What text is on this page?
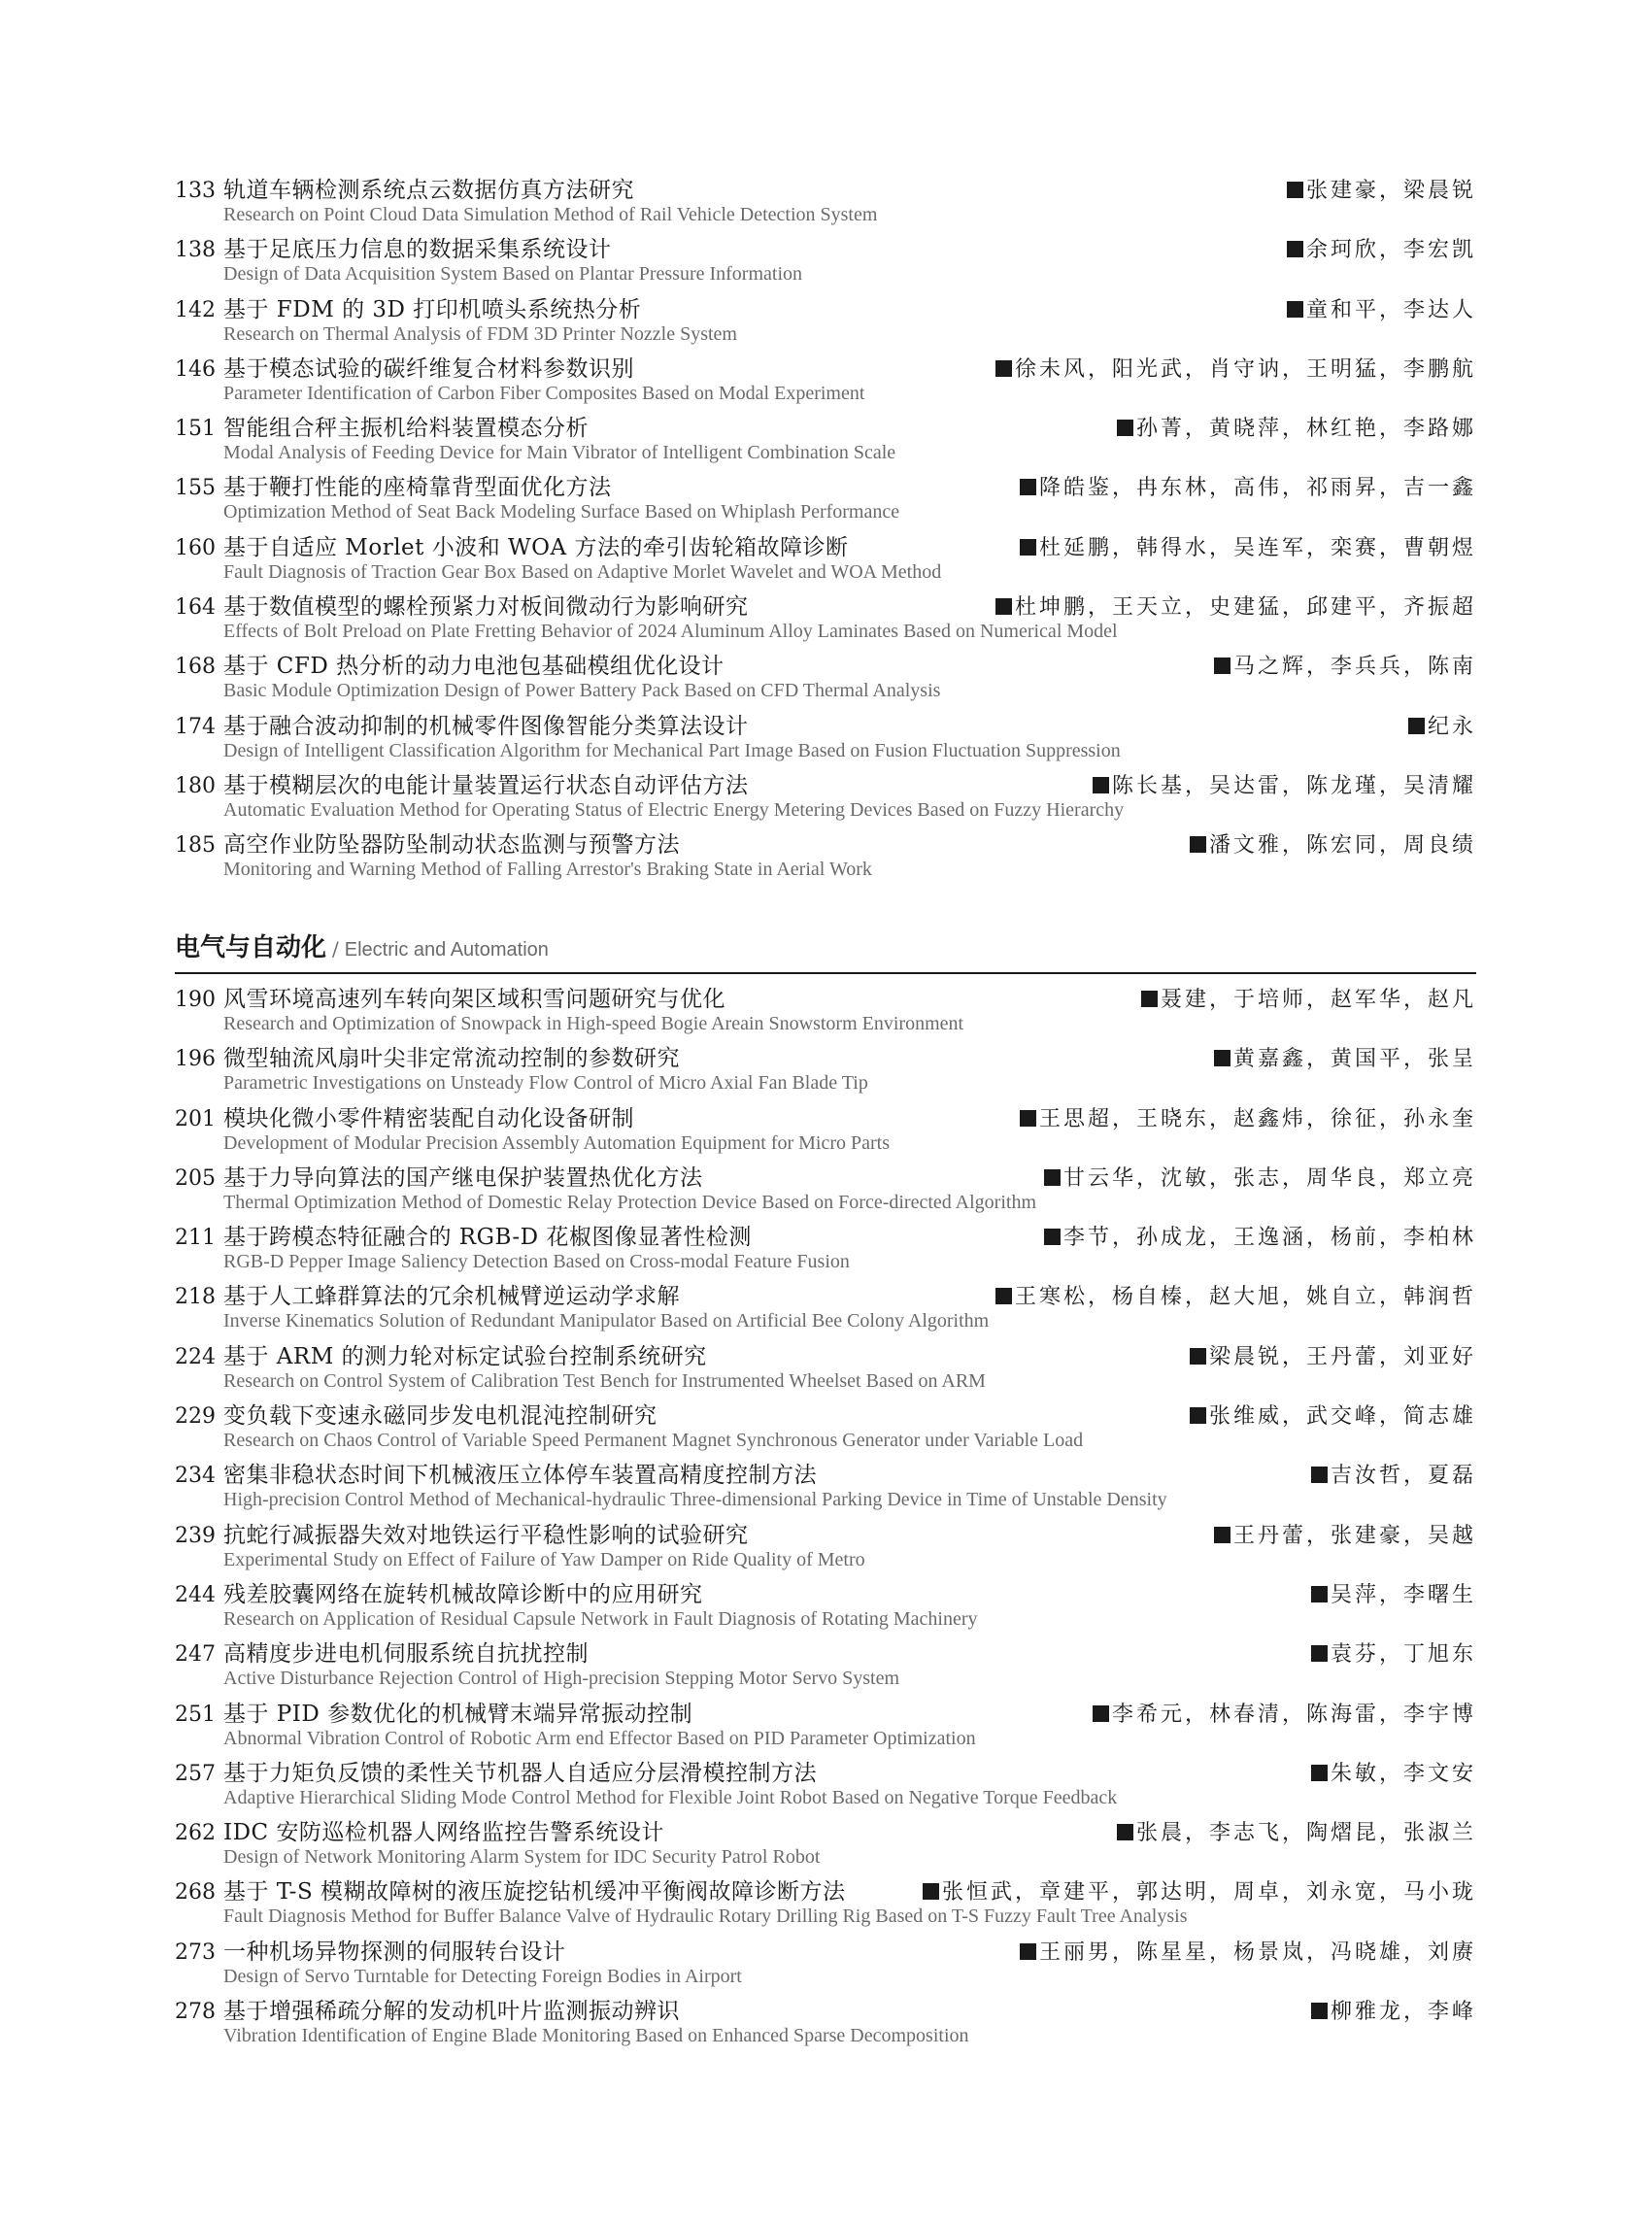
133 轨道车辆检测系统点云数据仿真方法研究	张建豪，梁晨锐
Research on Point Cloud Data Simulation Method of Rail Vehicle Detection System
138 基于足底压力信息的数据采集系统设计	余珂欣，李宏凯
Design of Data Acquisition System Based on Plantar Pressure Information
142 基于 FDM 的 3D 打印机喷头系统热分析	童和平，李达人
Research on Thermal Analysis of FDM 3D Printer Nozzle System
146 基于模态试验的碳纤维复合材料参数识别	徐未风，阳光武，肖守讷，王明猛，李鹏航
Parameter Identification of Carbon Fiber Composites Based on Modal Experiment
151 智能组合秤主振机给料装置模态分析	孙菁，黄晓萍，林红艳，李路娜
Modal Analysis of Feeding Device for Main Vibrator of Intelligent Combination Scale
155 基于鞭打性能的座椅靠背型面优化方法	降皓鉴，冉东林，高伟，祁雨昇，吉一鑫
Optimization Method of Seat Back Modeling Surface Based on Whiplash Performance
160 基于自适应 Morlet 小波和 WOA 方法的牵引齿轮箱故障诊断	杜延鹏，韩得水，吴连军，栾赛，曹朝煜
Fault Diagnosis of Traction Gear Box Based on Adaptive Morlet Wavelet and WOA Method
164 基于数值模型的螺栓预紧力对板间微动行为影响研究	杜坤鹏，王天立，史建猛，邱建平，齐振超
Effects of Bolt Preload on Plate Fretting Behavior of 2024 Aluminum Alloy Laminates Based on Numerical Model
168 基于 CFD 热分析的动力电池包基础模组优化设计	马之辉，李兵兵，陈南
Basic Module Optimization Design of Power Battery Pack Based on CFD Thermal Analysis
174 基于融合波动抑制的机械零件图像智能分类算法设计	纪永
Design of Intelligent Classification Algorithm for Mechanical Part Image Based on Fusion Fluctuation Suppression
180 基于模糊层次的电能计量装置运行状态自动评估方法	陈长基，吴达雷，陈龙瑾，吴清耀
Automatic Evaluation Method for Operating Status of Electric Energy Metering Devices Based on Fuzzy Hierarchy
185 高空作业防坠器防坠制动状态监测与预警方法	潘文雅，陈宏同，周良绩
Monitoring and Warning Method of Falling Arrestor's Braking State in Aerial Work
电气与自动化 / Electric and Automation
190 风雪环境高速列车转向架区域积雪问题研究与优化	聂建，于培师，赵军华，赵凡
Research and Optimization of Snowpack in High-speed Bogie Areain Snowstorm Environment
196 微型轴流风扇叶尖非定常流动控制的参数研究	黄嘉鑫，黄国平，张呈
Parametric Investigations on Unsteady Flow Control of Micro Axial Fan Blade Tip
201 模块化微小零件精密装配自动化设备研制	王思超，王晓东，赵鑫炜，徐征，孙永奎
Development of Modular Precision Assembly Automation Equipment for Micro Parts
205 基于力导向算法的国产继电保护装置热优化方法	甘云华，沈敏，张志，周华良，郑立亮
Thermal Optimization Method of Domestic Relay Protection Device Based on Force-directed Algorithm
211 基于跨模态特征融合的 RGB-D 花椒图像显著性检测	李节，孙成龙，王逸涵，杨前，李柏林
RGB-D Pepper Image Saliency Detection Based on Cross-modal Feature Fusion
218 基于人工蜂群算法的冗余机械臂逆运动学求解	王寒松，杨自榛，赵大旭，姚自立，韩润哲
Inverse Kinematics Solution of Redundant Manipulator Based on Artificial Bee Colony Algorithm
224 基于 ARM 的测力轮对标定试验台控制系统研究	梁晨锐，王丹蕾，刘亚好
Research on Control System of Calibration Test Bench for Instrumented Wheelset Based on ARM
229 变负载下变速永磁同步发电机混沌控制研究	张维威，武交峰，简志雄
Research on Chaos Control of Variable Speed Permanent Magnet Synchronous Generator under Variable Load
234 密集非稳状态时间下机械液压立体停车装置高精度控制方法	吉汝哲，夏磊
High-precision Control Method of Mechanical-hydraulic Three-dimensional Parking Device in Time of Unstable Density
239 抗蛇行减振器失效对地铁运行平稳性影响的试验研究	王丹蕾，张建豪，吴越
Experimental Study on Effect of Failure of Yaw Damper on Ride Quality of Metro
244 残差胶囊网络在旋转机械故障诊断中的应用研究	吴萍，李曙生
Research on Application of Residual Capsule Network in Fault Diagnosis of Rotating Machinery
247 高精度步进电机伺服系统自抗扰控制	袁芬，丁旭东
Active Disturbance Rejection Control of High-precision Stepping Motor Servo System
251 基于 PID 参数优化的机械臂末端异常振动控制	李希元，林春清，陈海雷，李宇博
Abnormal Vibration Control of Robotic Arm end Effector Based on PID Parameter Optimization
257 基于力矩负反馈的柔性关节机器人自适应分层滑模控制方法	朱敏，李文安
Adaptive Hierarchical Sliding Mode Control Method for Flexible Joint Robot Based on Negative Torque Feedback
262 IDC 安防巡检机器人网络监控告警系统设计	张晨，李志飞，陶熠昆，张淑兰
Design of Network Monitoring Alarm System for IDC Security Patrol Robot
268 基于 T-S 模糊故障树的液压旋挖钻机缓冲平衡阀故障诊断方法	张恒武，章建平，郭达明，周卓，刘永宽，马小珑
Fault Diagnosis Method for Buffer Balance Valve of Hydraulic Rotary Drilling Rig Based on T-S Fuzzy Fault Tree Analysis
273 一种机场异物探测的伺服转台设计	王丽男，陈星星，杨景岚，冯晓雄，刘赓
Design of Servo Turntable for Detecting Foreign Bodies in Airport
278 基于增强稀疏分解的发动机叶片监测振动辨识	柳雅龙，李峰
Vibration Identification of Engine Blade Monitoring Based on Enhanced Sparse Decomposition
